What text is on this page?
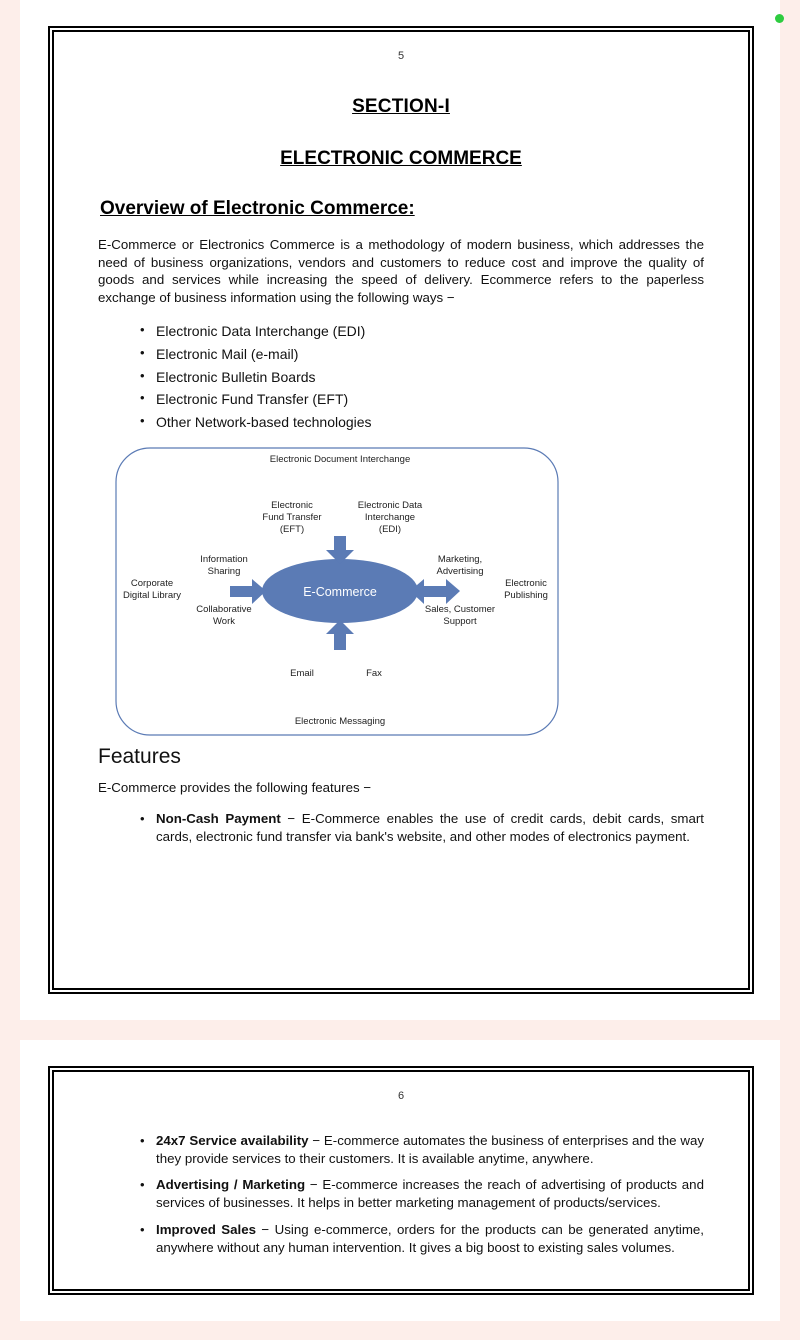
5
SECTION-I
ELECTRONIC COMMERCE
Overview of Electronic Commerce:

E-Commerce or Electronics Commerce is a methodology of modern business, which addresses the need of business organizations, vendors and customers to reduce cost and improve the quality of goods and services while increasing the speed of delivery. Ecommerce refers to the paperless exchange of business information using the following ways −

• Electronic Data Interchange (EDI)
• Electronic Mail (e-mail)
• Electronic Bulletin Boards
• Electronic Fund Transfer (EFT)
• Other Network-based technologies
E-Commerce
Electronic Document Interchange
Electronic
Fund Transfer
(EFT)
Electronic Data
Interchange
(EDI)
Information
Sharing
Collaborative
Work
Corporate
Digital Library
Marketing,
Advertising
Sales, Customer
Support
Electronic
Publishing
Email	Fax
Electronic Messaging
Features

E-Commerce provides the following features −

• Non-Cash Payment − E-Commerce enables the use of credit cards, debit cards, smart cards, electronic fund transfer via bank's website, and other modes of electronics payment.
6
• 24x7 Service availability − E-commerce automates the business of enterprises and the way they provide services to their customers. It is available anytime, anywhere.
• Advertising / Marketing − E-commerce increases the reach of advertising of products and services of businesses. It helps in better marketing management of products/services.
• Improved Sales − Using e-commerce, orders for the products can be generated anytime, anywhere without any human intervention. It gives a big boost to existing sales volumes.
